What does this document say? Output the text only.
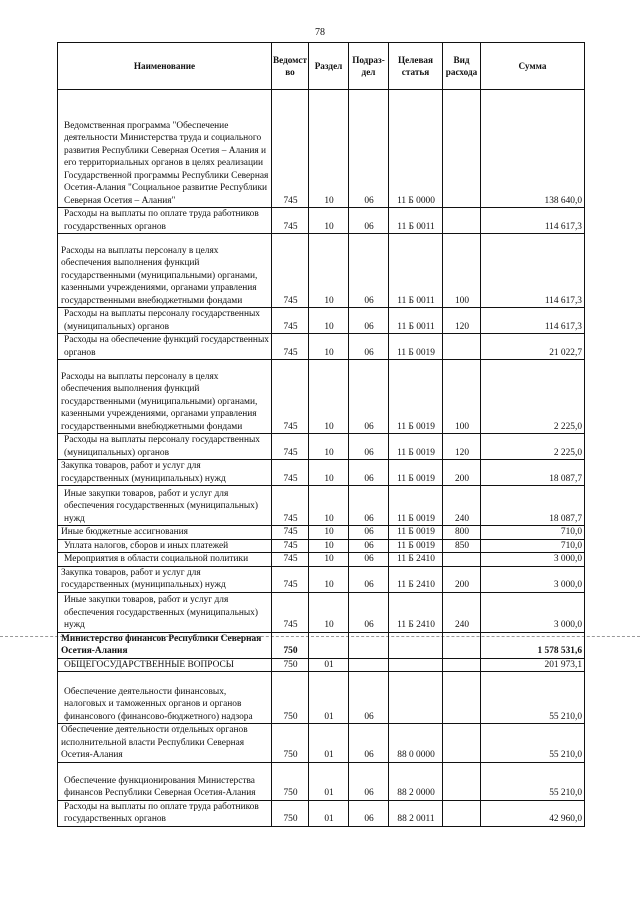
78
Наименование	Ведомст во	Раздел	Подраз- дел	Целевая статья	Вид расхода	Сумма
Ведомственная программа "Обеспечение деятельности Министерства труда и социального развития Республики Северная Осетия – Алания и его территориальных органов в целях реализации Государственной программы Республики Северная Осетия-Алания "Социальное развитие Республики Северная Осетия – Алания"	745	10	06	11 Б 0000		138 640,0
Расходы на выплаты по оплате труда работников государственных органов	745	10	06	11 Б 0011		114 617,3
Расходы на выплаты персоналу в целях обеспечения выполнения функций государственными (муниципальными) органами, казенными учреждениями, органами управления государственными внебюджетными фондами	745	10	06	11 Б 0011	100	114 617,3
Расходы на выплаты персоналу государственных (муниципальных) органов	745	10	06	11 Б 0011	120	114 617,3
Расходы на обеспечение функций государственных органов	745	10	06	11 Б 0019		21 022,7
Расходы на выплаты персоналу в целях обеспечения выполнения функций государственными (муниципальными) органами, казенными учреждениями, органами управления государственными внебюджетными фондами	745	10	06	11 Б 0019	100	2 225,0
Расходы на выплаты персоналу государственных (муниципальных) органов	745	10	06	11 Б 0019	120	2 225,0
Закупка товаров, работ и услуг для государственных (муниципальных) нужд	745	10	06	11 Б 0019	200	18 087,7
Иные закупки товаров, работ и услуг для обеспечения государственных (муниципальных) нужд	745	10	06	11 Б 0019	240	18 087,7
Иные бюджетные ассигнования	745	10	06	11 Б 0019	800	710,0
Уплата налогов, сборов и иных платежей	745	10	06	11 Б 0019	850	710,0
Мероприятия в области социальной политики	745	10	06	11 Б 2410		3 000,0
Закупка товаров, работ и услуг для государственных (муниципальных) нужд	745	10	06	11 Б 2410	200	3 000,0
Иные закупки товаров, работ и услуг для обеспечения государственных (муниципальных) нужд	745	10	06	11 Б 2410	240	3 000,0
Министерство финансов Республики Северная Осетия-Алания	750					1 578 531,6
ОБЩЕГОСУДАРСТВЕННЫЕ ВОПРОСЫ	750	01				201 973,1
Обеспечение деятельности финансовых, налоговых и таможенных органов и органов финансового (финансово-бюджетного) надзора	750	01	06			55 210,0
Обеспечение деятельности отдельных органов исполнительной власти Республики Северная Осетия-Алания	750	01	06	88 0 0000		55 210,0
Обеспечение функционирования Министерства финансов Республики Северная Осетия-Алания	750	01	06	88 2 0000		55 210,0
Расходы на выплаты по оплате труда работников государственных органов	750	01	06	88 2 0011		42 960,0
